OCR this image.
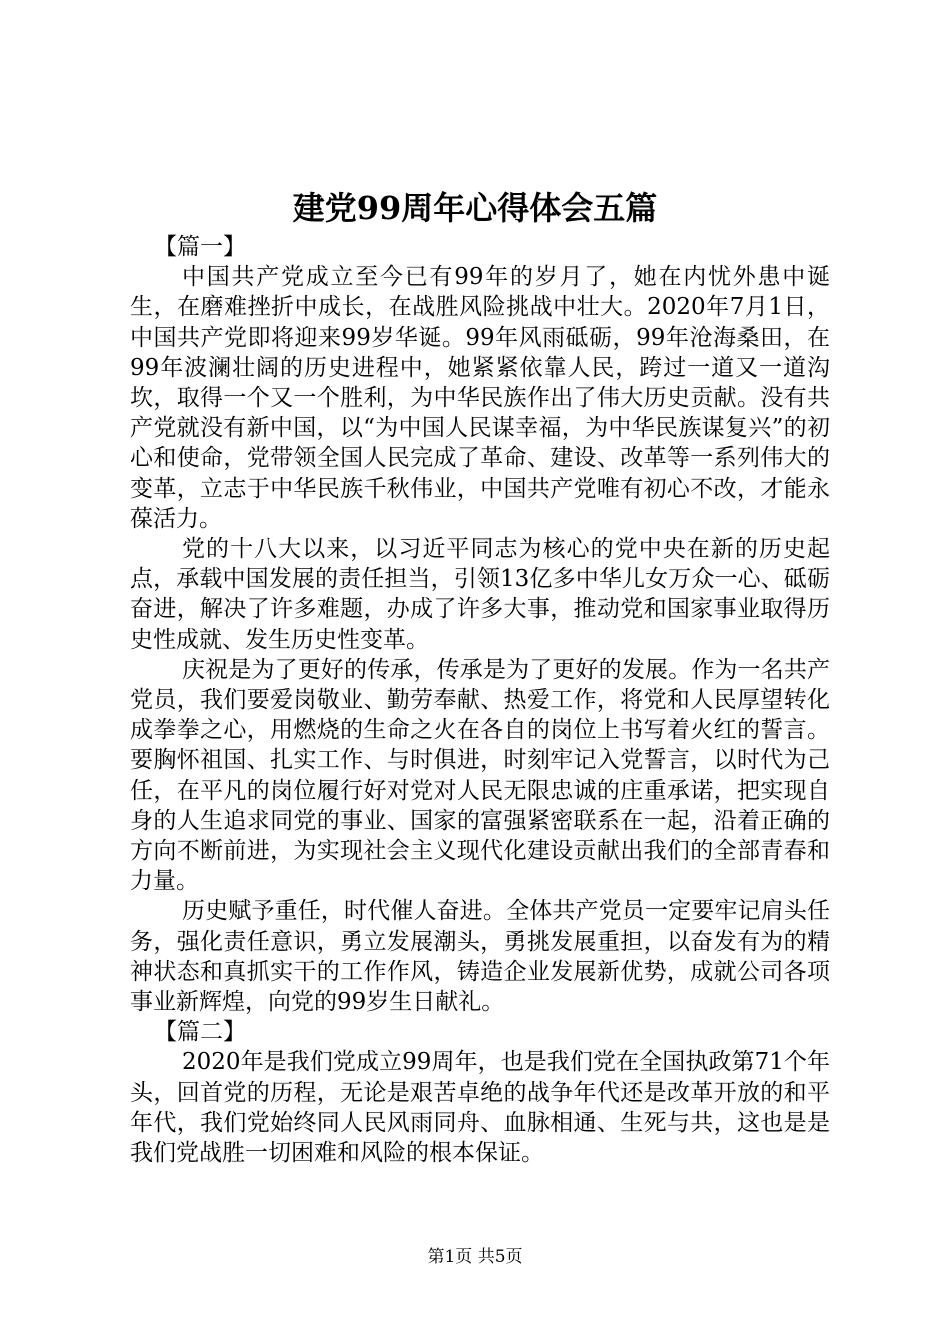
建党99周年心得体会五篇

【篇一】

中国共产党成立至今已有99年的岁月了，她在内忧外患中诞生，在磨难挫折中成长，在战胜风险挑战中壮大。2020年7月1日，中国共产党即将迎来99岁华诞。99年风雨砥砺，99年沧海桑田，在99年波澜壮阔的历史进程中，她紧紧依靠人民，跨过一道又一道沟坎，取得一个又一个胜利，为中华民族作出了伟大历史贡献。没有共产党就没有新中国，以“为中国人民谋幸福，为中华民族谋复兴”的初心和使命，党带领全国人民完成了革命、建设、改革等一系列伟大的变革，立志于中华民族千秋伟业，中国共产党唯有初心不改，才能永葆活力。

党的十八大以来，以习近平同志为核心的党中央在新的历史起点，承载中国发展的责任担当，引领13亿多中华儿女万众一心、砥砺奋进，解决了许多难题，办成了许多大事，推动党和国家事业取得历史性成就、发生历史性变革。

庆祝是为了更好的传承，传承是为了更好的发展。作为一名共产党员，我们要爱岗敬业、勤劳奉献、热爱工作，将党和人民厚望转化成拳拳之心，用燃烧的生命之火在各自的岗位上书写着火红的誓言。要胸怀祖国、扎实工作、与时俱进，时刻牢记入党誓言，以时代为己任，在平凡的岗位履行好对党对人民无限忠诚的庄重承诺，把实现自身的人生追求同党的事业、国家的富强紧密联系在一起，沿着正确的方向不断前进，为实现社会主义现代化建设贡献出我们的全部青春和力量。

历史赋予重任，时代催人奋进。全体共产党员一定要牢记肩头任务，强化责任意识，勇立发展潮头，勇挑发展重担，以奋发有为的精神状态和真抓实干的工作作风，铸造企业发展新优势，成就公司各项事业新辉煌，向党的99岁生日献礼。

【篇二】

2020年是我们党成立99周年，也是我们党在全国执政第71个年头，回首党的历程，无论是艰苦卓绝的战争年代还是改革开放的和平年代，我们党始终同人民风雨同舟、血脉相通、生死与共，这也是是我们党战胜一切困难和风险的根本保证。

第1页 共5页
